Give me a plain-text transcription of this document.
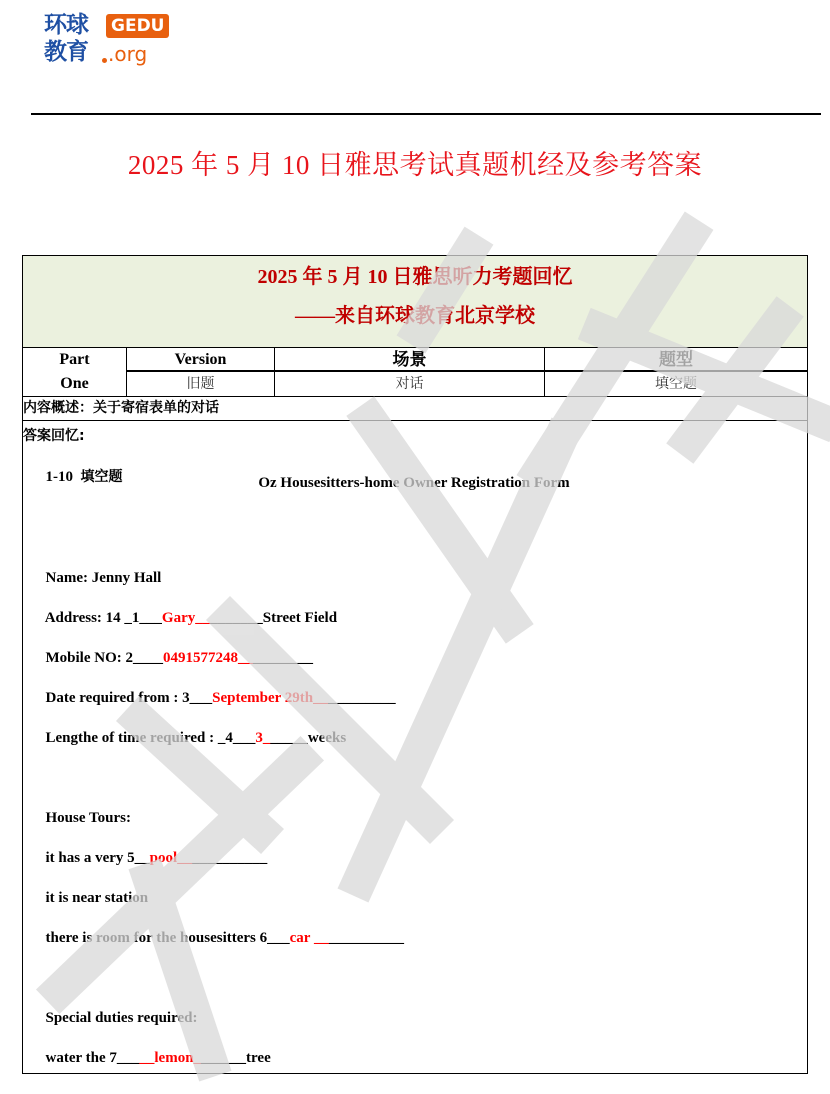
环球
教育
GEDU
.org
2025 年 5 月 10 日雅思考试真题机经及参考答案
2025 年 5 月 10 日雅思听力考题回忆
——来自环球教育北京学校
Part	Version	场景	题型
One	旧题	对话	填空题
内容概述：关于寄宿表单的对话
答案回忆:

1-10 填空题
	Oz Housesitters-home Owner Registration Form

Name: Jenny Hall

Address: 14 _1___Gary_________Street Field

Mobile NO: 2____0491577248__________

Date required from : 3___September 29th___________

Lengthe of time required : _4___3______weeks

House Tours:

it has a very 5__pool____________

it is near station

there is room for the housesitters 6___car ____________

Special duties required:

water the 7_____lemon_______tree
